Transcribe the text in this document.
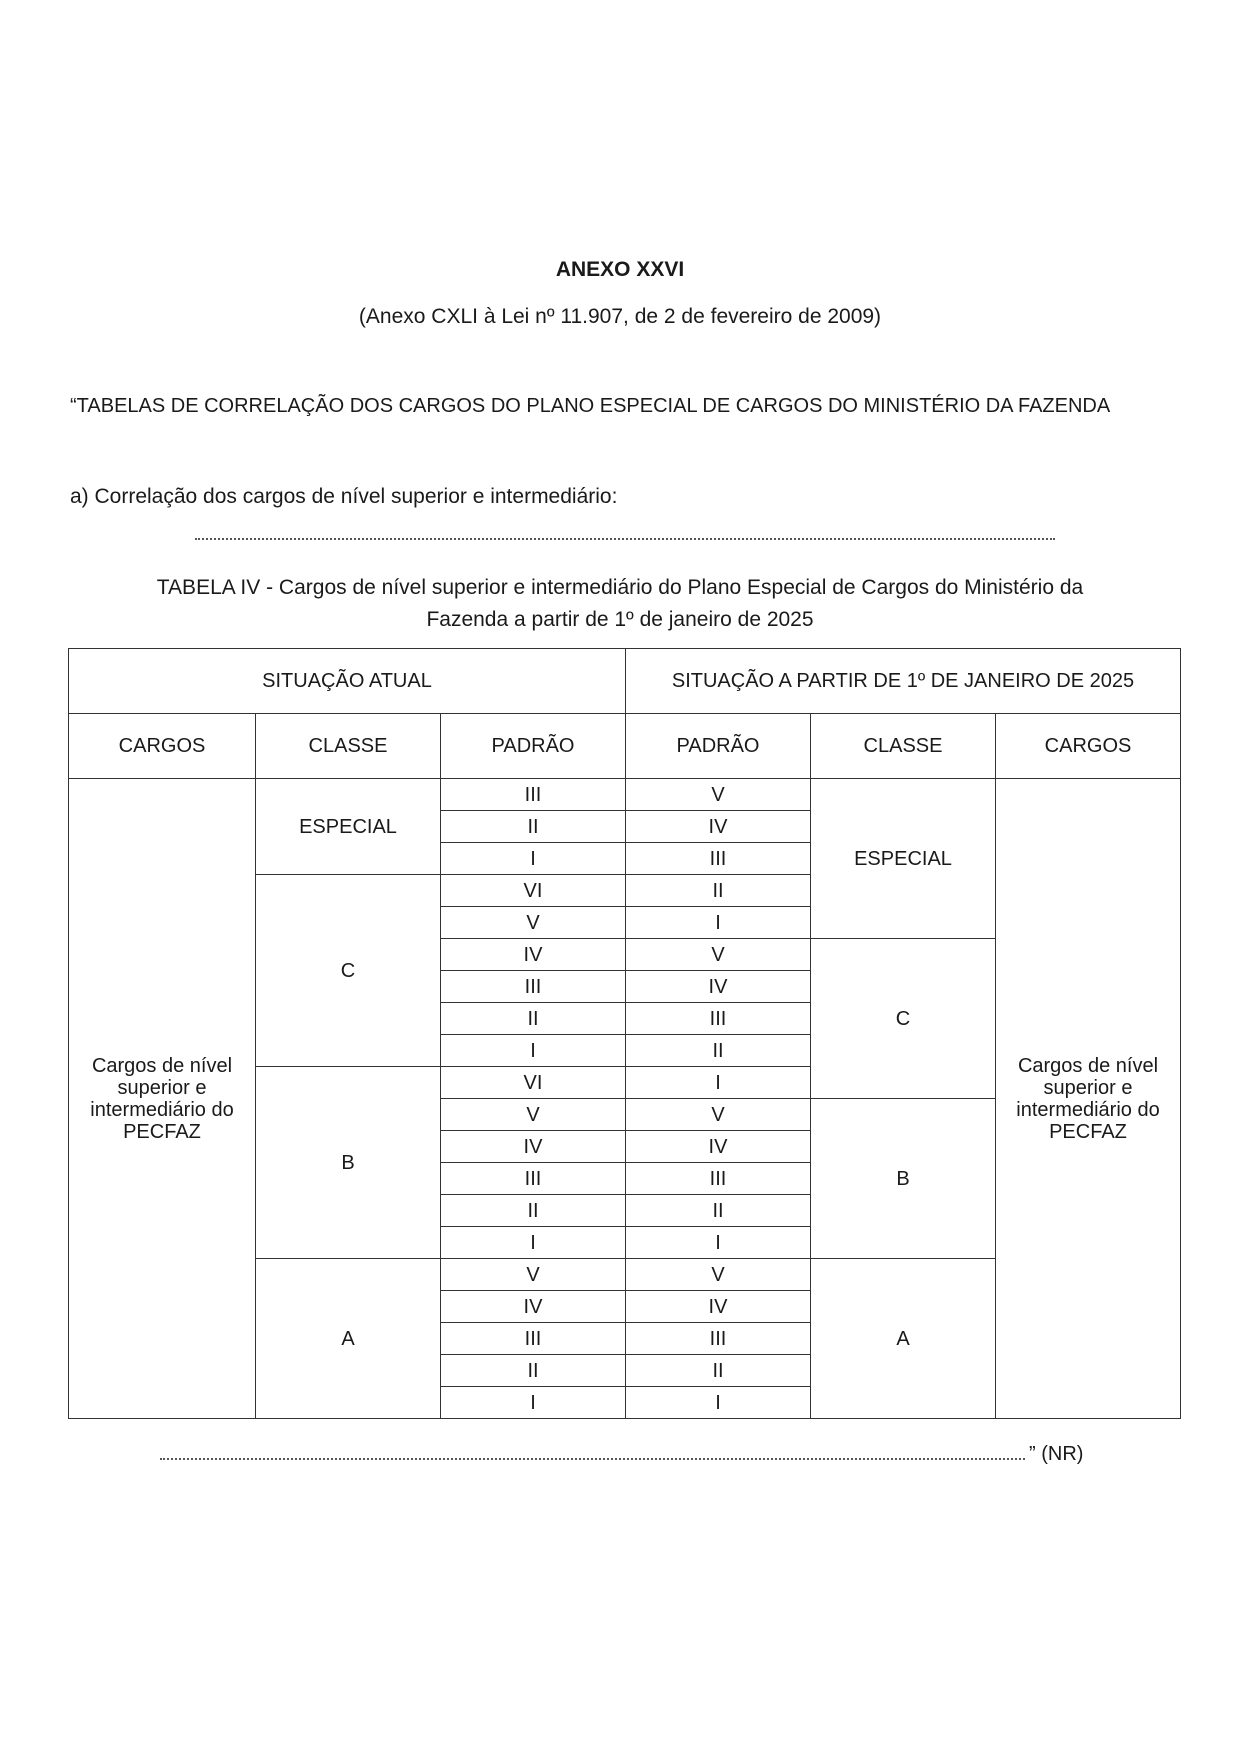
ANEXO XXVI
(Anexo CXLI à Lei nº 11.907, de 2 de fevereiro de 2009)
“TABELAS DE CORRELAÇÃO DOS CARGOS DO PLANO ESPECIAL DE CARGOS DO MINISTÉRIO DA FAZENDA
a) Correlação dos cargos de nível superior e intermediário:
TABELA IV - Cargos de nível superior e intermediário do Plano Especial de Cargos do Ministério da
Fazenda a partir de 1º de janeiro de 2025
SITUAÇÃO ATUAL			SITUAÇÃO A PARTIR DE 1º DE JANEIRO DE 2025		
CARGOS	CLASSE	PADRÃO	PADRÃO	CLASSE	CARGOS
Cargos de nível superior e intermediário do PECFAZ	ESPECIAL	III	V	ESPECIAL	Cargos de nível superior e intermediário do PECFAZ
		II	IV		
		I	III		
	C	VI	II		
		V	I		
		IV	V	C	
		III	IV		
		II	III		
		I	II		
	B	VI	I		
		V	V	B	
		IV	IV		
		III	III		
		II	II		
		I	I		
	A	V	V	A	
		IV	IV		
		III	III		
		II	II		
		I	I		
” (NR)
